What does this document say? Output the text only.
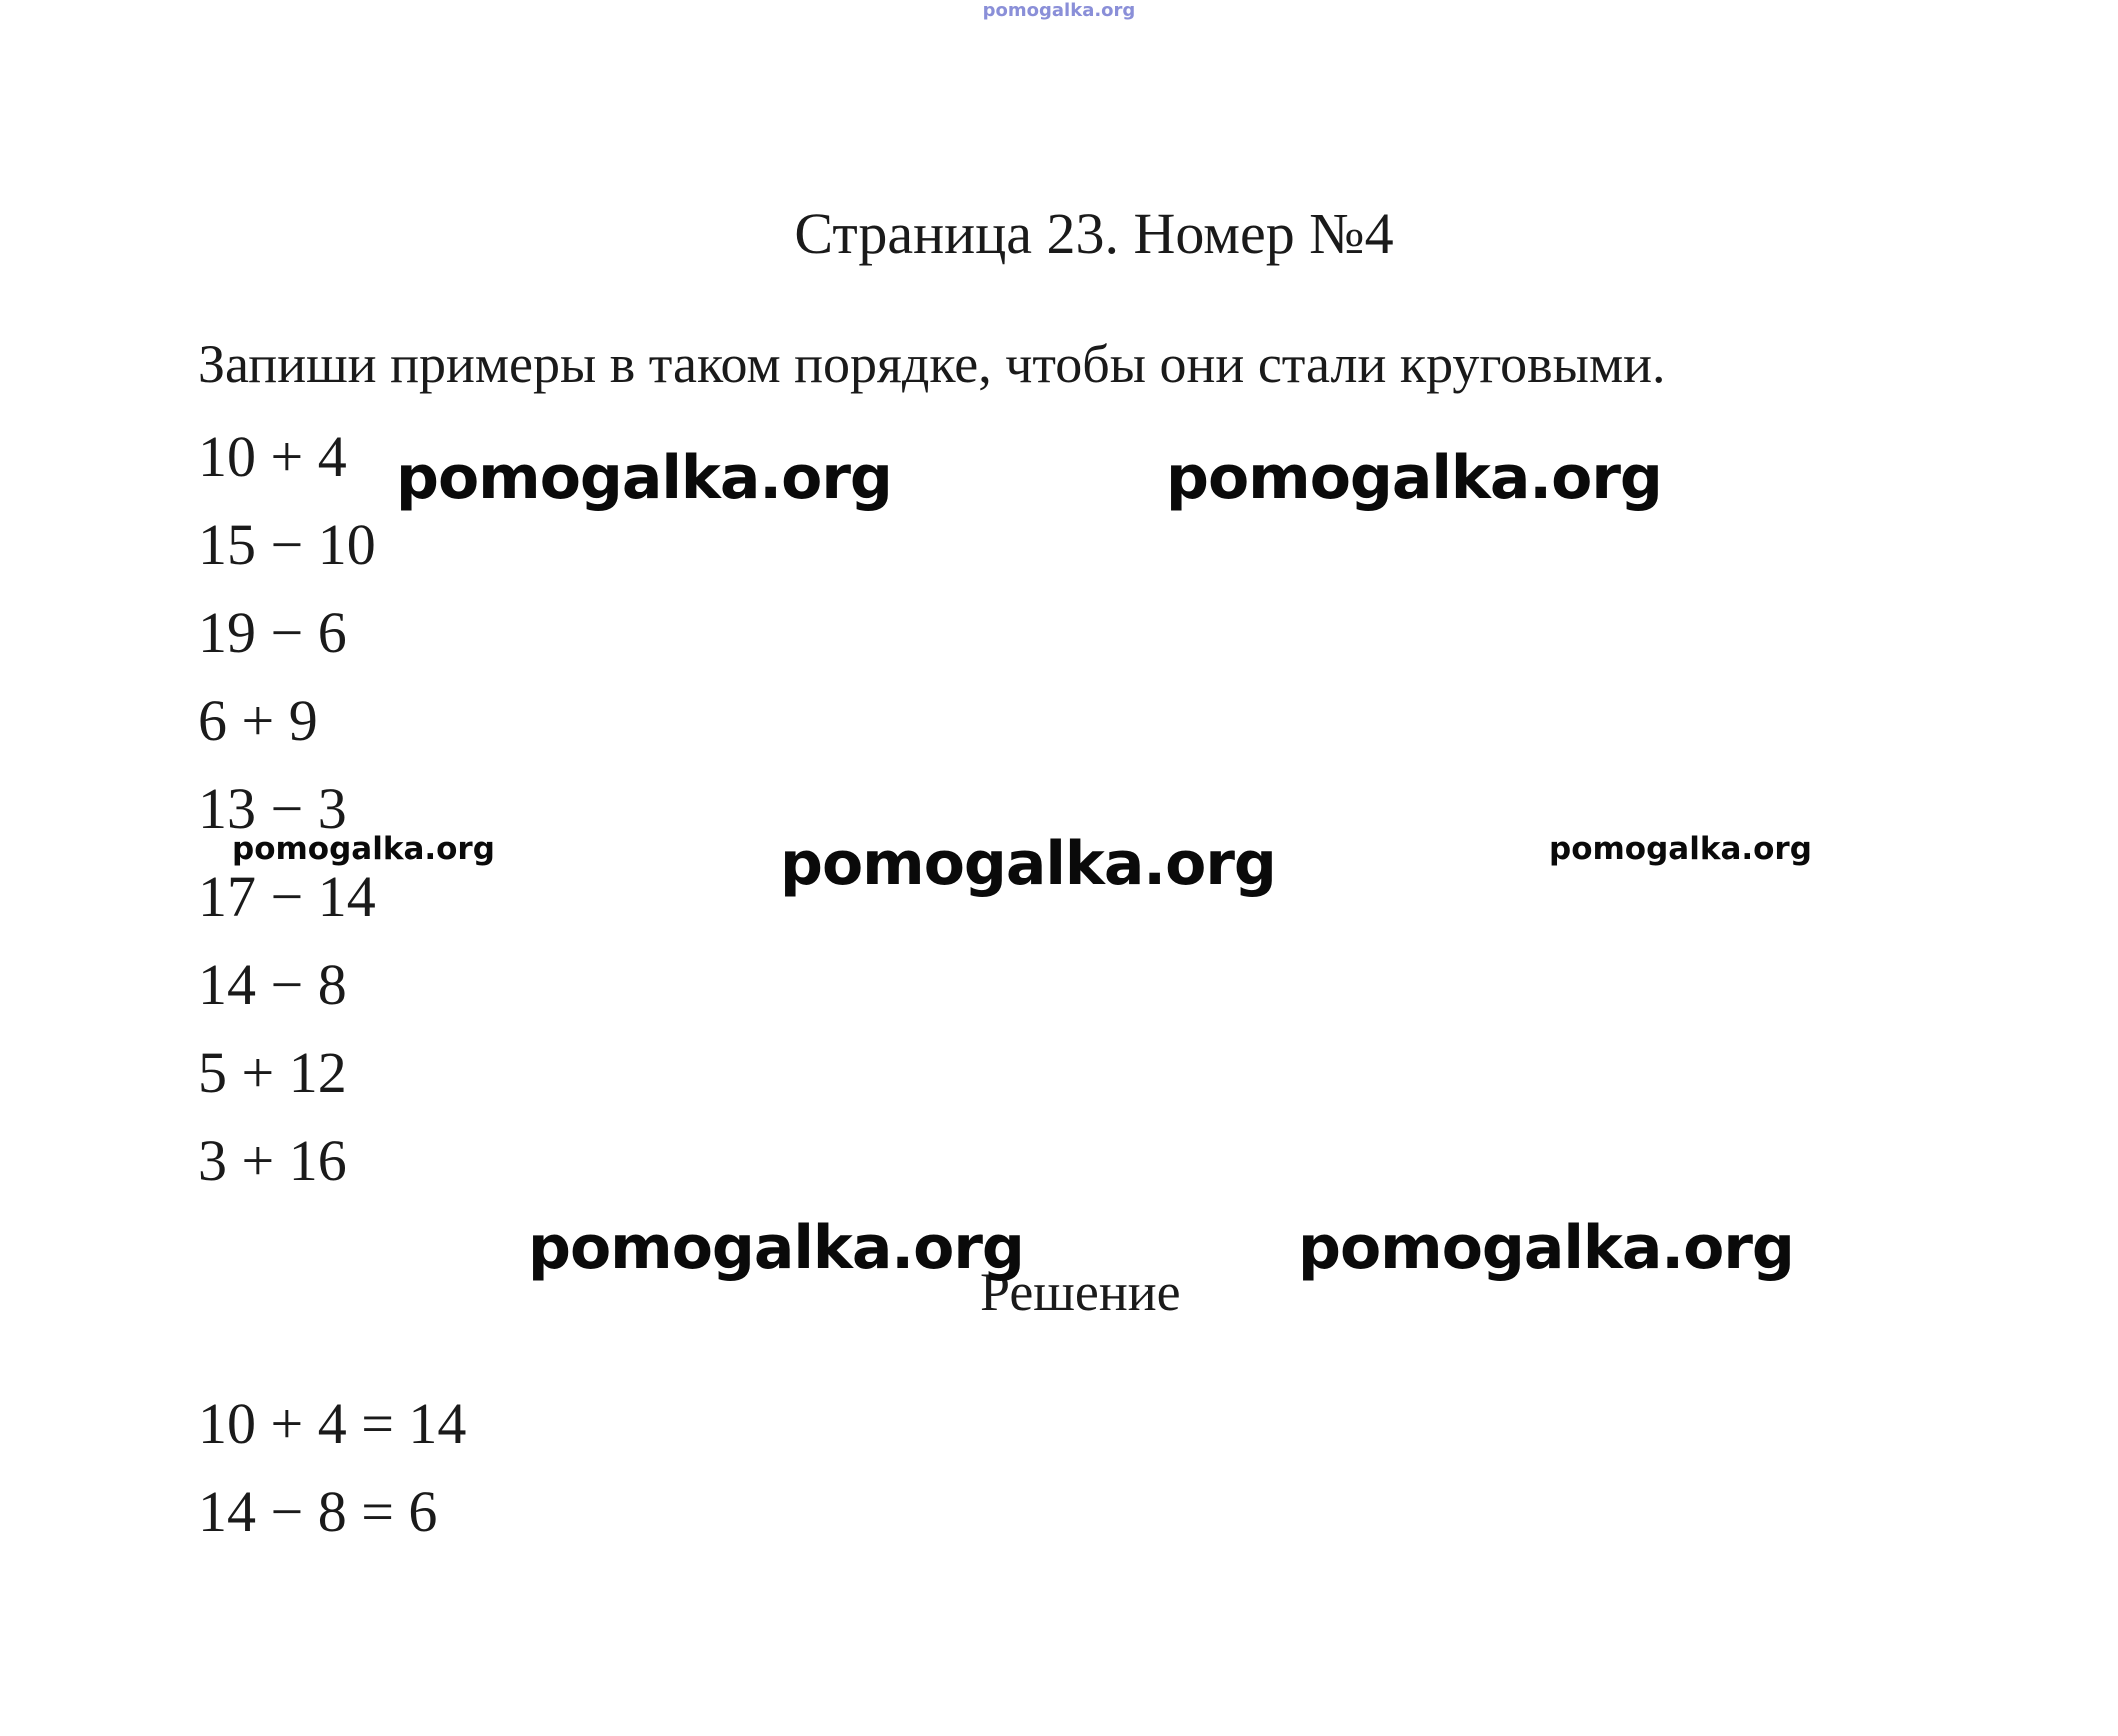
pomogalka.org
Страница 23. Номер №4
Запиши примеры в таком порядке, чтобы они стали круговыми.
10 + 4
15 − 10
19 − 6
6 + 9
13 − 3
17 − 14
14 − 8
5 + 12
3 + 16
Решение
10 + 4 = 14
14 − 8 = 6
pomogalka.org	pomogalka.org
pomogalka.org	pomogalka.org	pomogalka.org
pomogalka.org	pomogalka.org
